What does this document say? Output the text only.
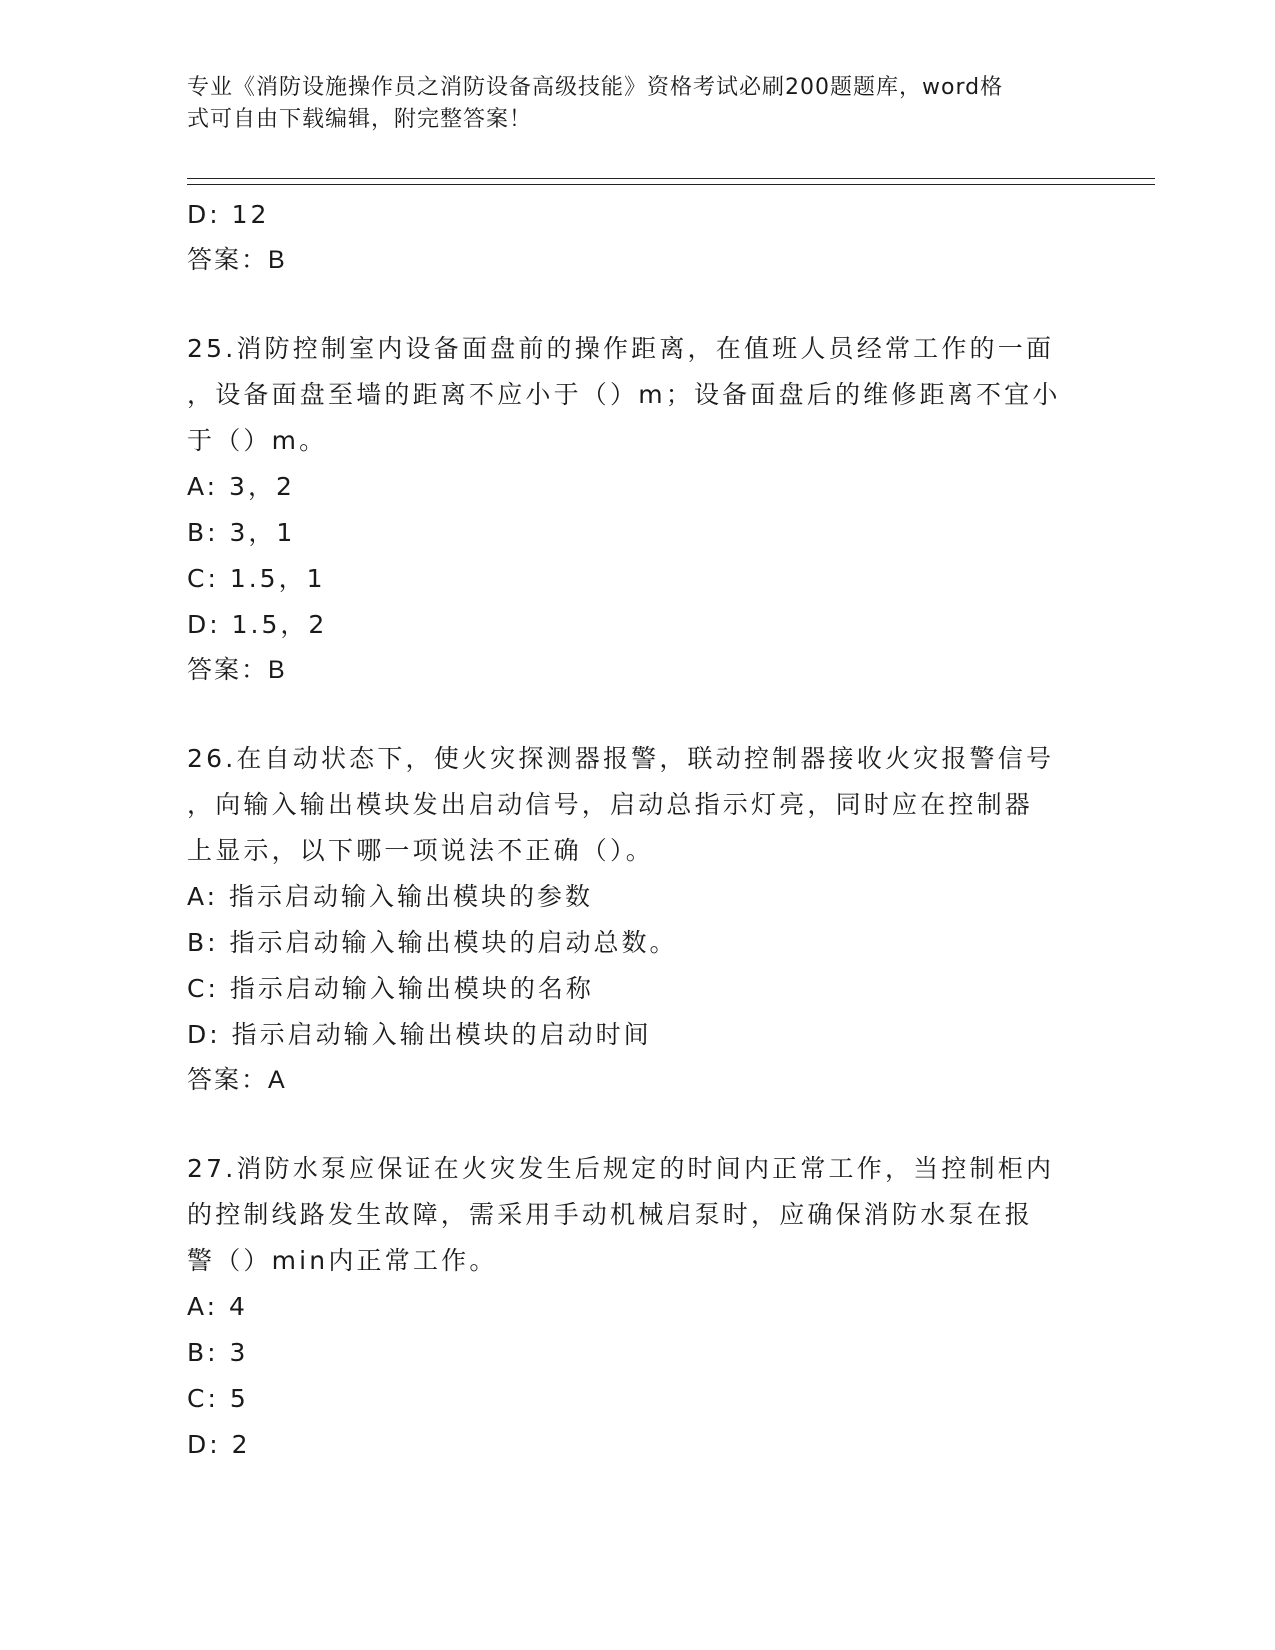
专业《消防设施操作员之消防设备高级技能》资格考试必刷200题题库，word格
式可自由下载编辑，附完整答案！
D: 12
答案：B
25.消防控制室内设备面盘前的操作距离，在值班人员经常工作的一面
，设备面盘至墙的距离不应小于（）m；设备面盘后的维修距离不宜小
于（）m。
A: 3，2
B: 3，1
C: 1.5，1
D: 1.5，2
答案：B
26.在自动状态下，使火灾探测器报警，联动控制器接收火灾报警信号
，向输入输出模块发出启动信号，启动总指示灯亮，同时应在控制器
上显示，以下哪一项说法不正确（）。
A: 指示启动输入输出模块的参数
B: 指示启动输入输出模块的启动总数。
C: 指示启动输入输出模块的名称
D: 指示启动输入输出模块的启动时间
答案：A
27.消防水泵应保证在火灾发生后规定的时间内正常工作，当控制柜内
的控制线路发生故障，需采用手动机械启泵时，应确保消防水泵在报
警（）min内正常工作。
A: 4
B: 3
C: 5
D: 2
